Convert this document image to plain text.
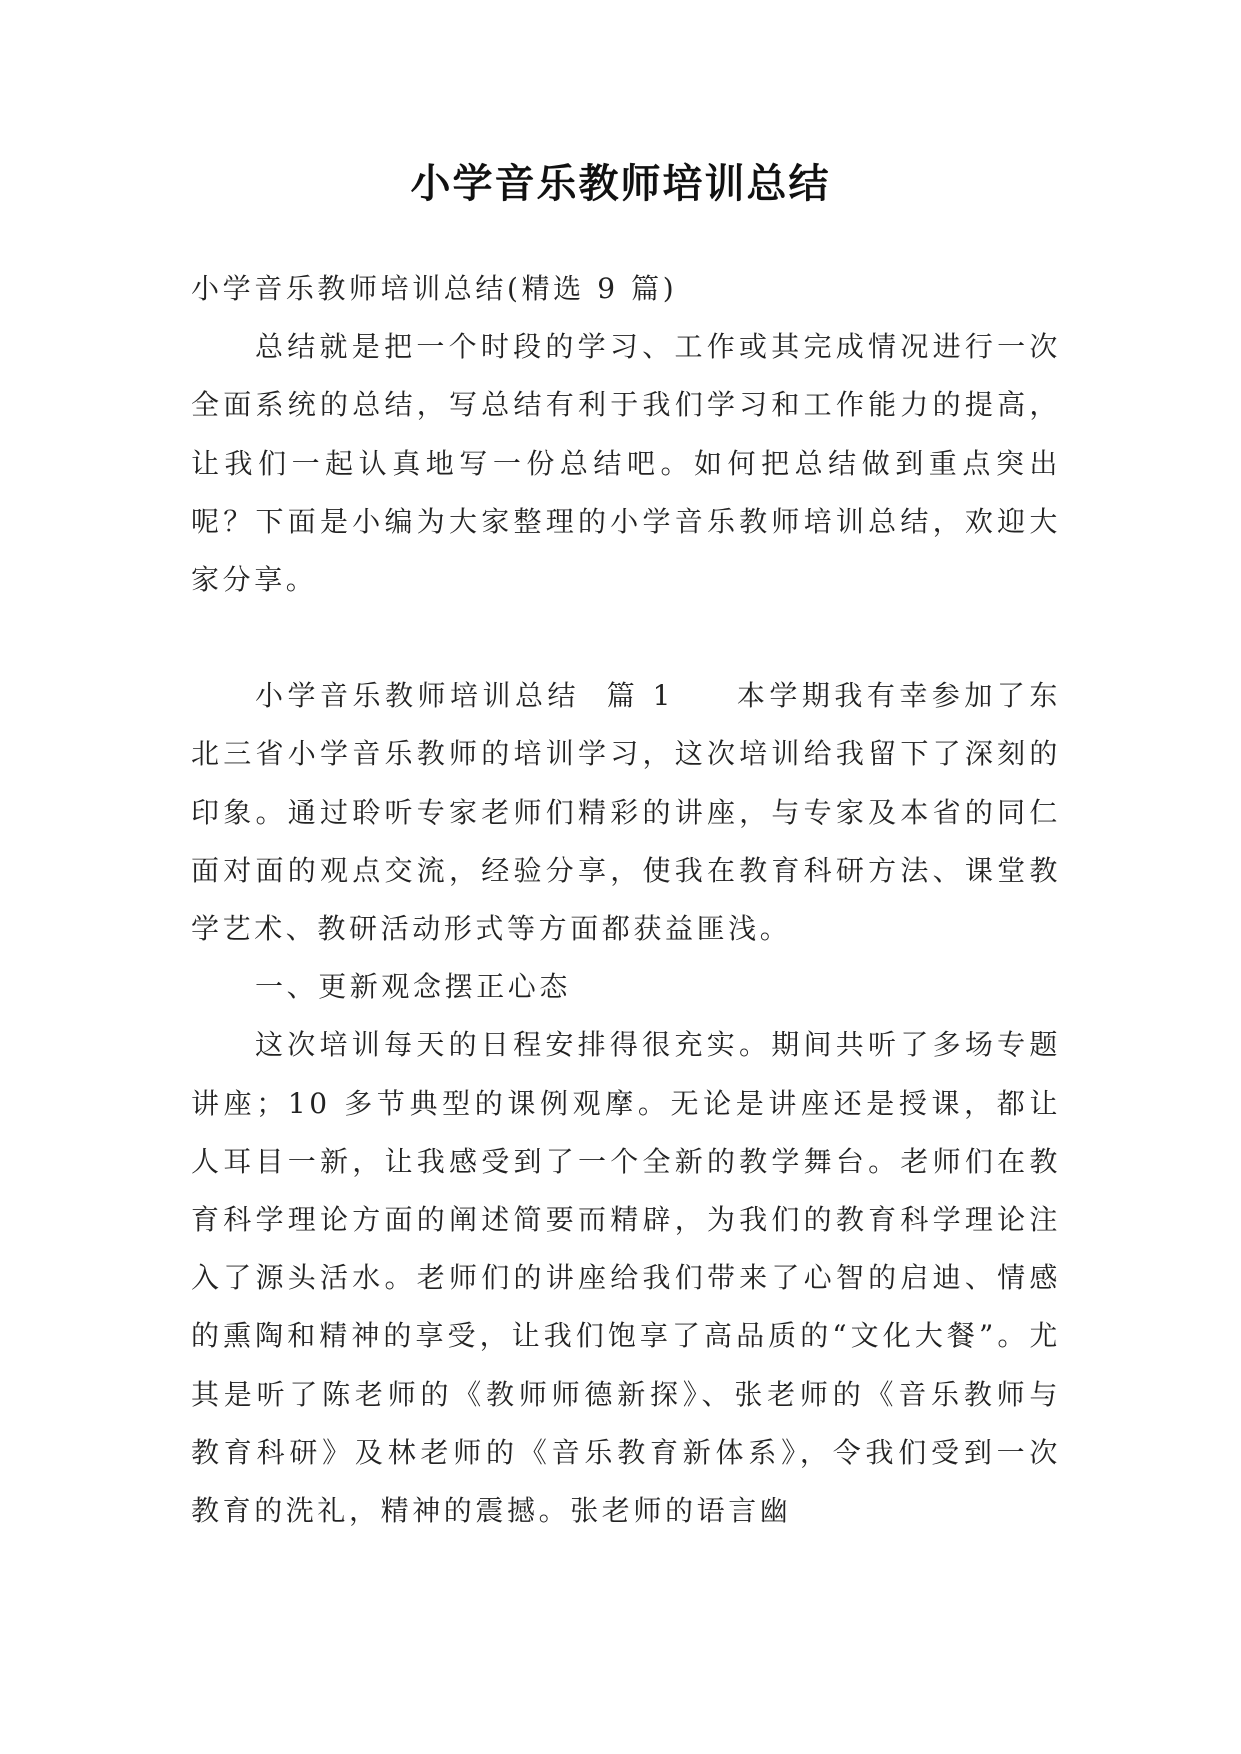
小学音乐教师培训总结

小学音乐教师培训总结(精选 9 篇)

总结就是把一个时段的学习、工作或其完成情况进行一次全面系统的总结，写总结有利于我们学习和工作能力的提高，让我们一起认真地写一份总结吧。如何把总结做到重点突出呢？下面是小编为大家整理的小学音乐教师培训总结，欢迎大家分享。

小学音乐教师培训总结  篇 1 本学期我有幸参加了东北三省小学音乐教师的培训学习，这次培训给我留下了深刻的印象。通过聆听专家老师们精彩的讲座，与专家及本省的同仁面对面的观点交流，经验分享，使我在教育科研方法、课堂教学艺术、教研活动形式等方面都获益匪浅。

一、更新观念摆正心态

这次培训每天的日程安排得很充实。期间共听了多场专题讲座；10 多节典型的课例观摩。无论是讲座还是授课，都让人耳目一新，让我感受到了一个全新的教学舞台。老师们在教育科学理论方面的阐述简要而精辟，为我们的教育科学理论注入了源头活水。老师们的讲座给我们带来了心智的启迪、情感的熏陶和精神的享受，让我们饱享了高品质的“文化大餐”。尤其是听了陈老师的《教师师德新探》、张老师的《音乐教师与教育科研》及林老师的《音乐教育新体系》，令我们受到一次教育的洗礼，精神的震撼。张老师的语言幽
